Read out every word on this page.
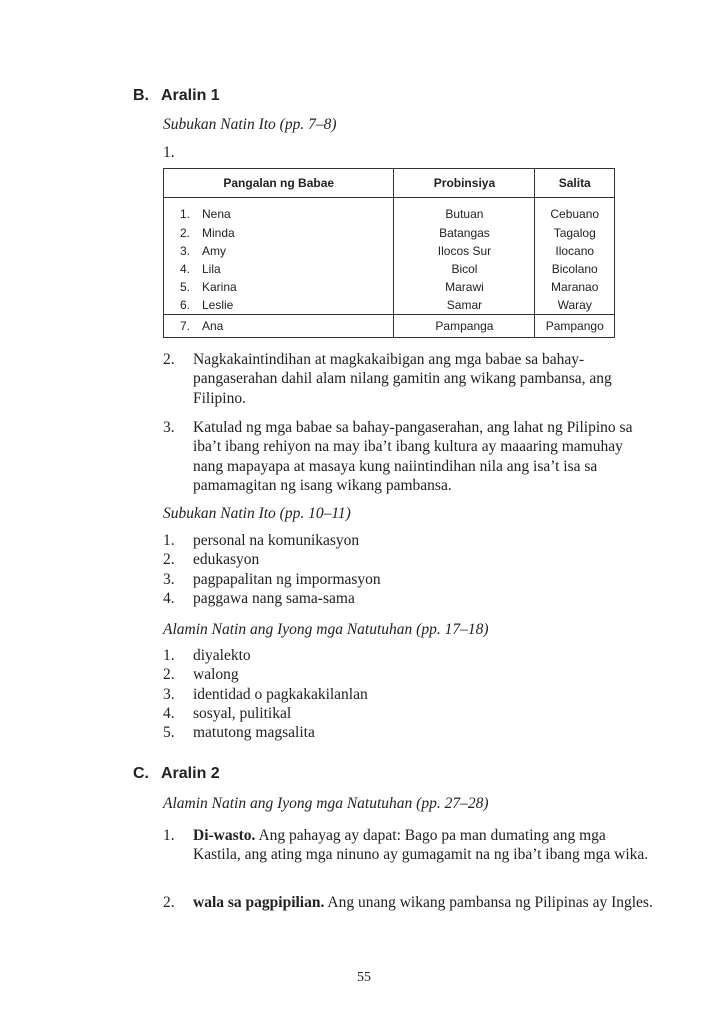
B. Aralin 1
Subukan Natin Ito (pp. 7–8)
1.
Pangalan ng Babae		Probinsiya	Salita
1.	Nena	Butuan	Cebuano
2.	Minda	Batangas	Tagalog
3.	Amy	Ilocos Sur	Ilocano
4.	Lila	Bicol	Bicolano
5.	Karina	Marawi	Maranao
6.	Leslie	Samar	Waray
7.	Ana	Pampanga	Pampango
2. Nagkakaintindihan at magkakaibigan ang mga babae sa bahay-pangaserahan dahil alam nilang gamitin ang wikang pambansa, ang Filipino.
3. Katulad ng mga babae sa bahay-pangaserahan, ang lahat ng Pilipino sa iba’t ibang rehiyon na may iba’t ibang kultura ay maaaring mamuhay nang mapayapa at masaya kung naiintindihan nila ang isa’t isa sa pamamagitan ng isang wikang pambansa.
Subukan Natin Ito (pp. 10–11)
1. personal na komunikasyon
2. edukasyon
3. pagpapalitan ng impormasyon
4. paggawa nang sama-sama
Alamin Natin ang Iyong mga Natutuhan (pp. 17–18)
1. diyalekto
2. walong
3. identidad o pagkakakilanlan
4. sosyal, pulitikal
5. matutong magsalita
C. Aralin 2
Alamin Natin ang Iyong mga Natutuhan (pp. 27–28)
1. Di-wasto. Ang pahayag ay dapat: Bago pa man dumating ang mga Kastila, ang ating mga ninuno ay gumagamit na ng iba’t ibang mga wika.
2. wala sa pagpipilian. Ang unang wikang pambansa ng Pilipinas ay Ingles.
55
